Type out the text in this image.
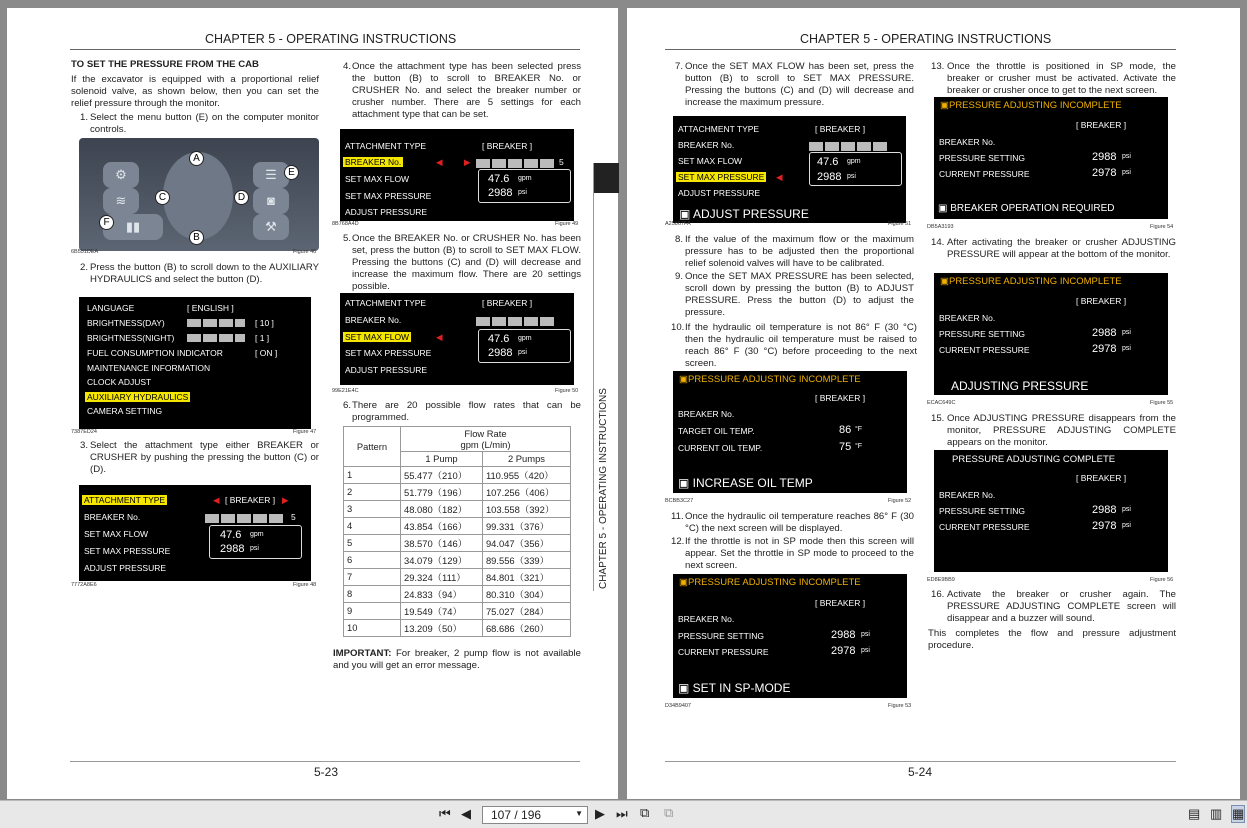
CHAPTER 5 - OPERATING INSTRUCTIONS
TO SET THE PRESSURE FROM THE CAB
If the excavator is equipped with a proportional relief solenoid valve, as shown below, then you can set the relief pressure through the monitor.
1. Select the menu button (E) on the computer monitor controls.
⚙
≋
▮▮
☰
◙
⚒
A
B
C	D
E
F
6B551DEA	Figure 46
2. Press the button (B) to scroll down to the AUXILIARY HYDRAULICS and select the button (D).
LANGUAGE	[ ENGLISH ]
BRIGHTNESS(DAY)	[ 10 ]
BRIGHTNESS(NIGHT)	[ 1 ]
FUEL CONSUMPTION INDICATOR	[ ON ]
MAINTENANCE INFORMATION
CLOCK ADJUST
AUXILIARY HYDRAULICS
CAMERA SETTING
7387ED24	Figure 47
3. Select the attachment type either BREAKER or CRUSHER by pushing the pressing the button (C) or (D).
ATTACHMENT TYPE	◀ [ BREAKER ] ▶
BREAKER No.	5
SET MAX FLOW
SET MAX PRESSURE
ADJUST PRESSURE
47.6 gpm
2988 psi
7772A8E6	Figure 48
4. Once the attachment type has been selected press the button (B) to scroll to BREAKER No. or CRUSHER No. and select the breaker number or crusher number. There are 5 settings for each attachment type that can be set.
ATTACHMENT TYPE	[ BREAKER ]
BREAKER No.	◀	▶	5
SET MAX FLOW
SET MAX PRESSURE
ADJUST PRESSURE
47.6 gpm
2988 psi
8B768A4D	Figure 49
5. Once the BREAKER No. or CRUSHER No. has been set, press the button (B) to scroll to SET MAX FLOW. Pressing the buttons (C) and (D) will decrease and increase the maximum flow. There are 20 settings possible.
ATTACHMENT TYPE	[ BREAKER ]
BREAKER No.
SET MAX FLOW	◀
SET MAX PRESSURE
ADJUST PRESSURE
47.6 gpm
2988 psi
99E21E4C	Figure 50
6. There are 20 possible flow rates that can be programmed.
Pattern	Flow Rate
gpm (L/min)	
	1 Pump	2 Pumps
1	55.477（210）	110.955（420）
2	51.779（196）	107.256（406）
3	48.080（182）	103.558（392）
4	43.854（166）	99.331（376）
5	38.570（146）	94.047（356）
6	34.079（129）	89.556（339）
7	29.324（111）	84.801（321）
8	24.833（94）	80.310（304）
9	19.549（74）	75.027（284）
10	13.209（50）	68.686（260）
IMPORTANT: For breaker, 2 pump flow is not available and you will get an error message.
5-23
CHAPTER 5 - OPERATING INSTRUCTIONS
CHAPTER 5 - OPERATING INSTRUCTIONS
7. Once the SET MAX FLOW has been set, press the button (B) to scroll to SET MAX PRESSURE. Pressing the buttons (C) and (D) will decrease and increase the maximum pressure.
ATTACHMENT TYPE	[ BREAKER ]
BREAKER No.
SET MAX FLOW
SET MAX PRESSURE ◀
ADJUST PRESSURE
47.6 gpm
2988 psi
▣ ADJUST PRESSURE
A25867FA	Figure 51
8. If the value of the maximum flow or the maximum pressure has to be adjusted then the proportional relief solenoid valves will have to be calibrated.
9. Once the SET MAX PRESSURE has been selected, scroll down by pressing the button (B) to ADJUST PRESSURE. Press the button (D) to adjust the pressure.
10. If the hydraulic oil temperature is not 86° F (30 °C) then the hydraulic oil temperature must be raised to reach 86° F (30 °C) before proceeding to the next screen.
▣PRESSURE ADJUSTING INCOMPLETE
[ BREAKER ]
BREAKER No.
TARGET OIL TEMP.	86 °F
CURRENT OIL TEMP.	75 °F
▣ INCREASE OIL TEMP
BCBB3C27	Figure 52
11. Once the hydraulic oil temperature reaches 86° F (30 °C) the next screen will be displayed.
12. If the throttle is not in SP mode then this screen will appear. Set the throttle in SP mode to proceed to the next screen.
▣PRESSURE ADJUSTING INCOMPLETE
[ BREAKER ]
BREAKER No.
PRESSURE SETTING	2988 psi
CURRENT PRESSURE	2978 psi
▣ SET IN SP-MODE
D34B9407	Figure 53
13. Once the throttle is positioned in SP mode, the breaker or crusher must be activated. Activate the breaker or crusher once to get to the next screen.
▣PRESSURE ADJUSTING INCOMPLETE
[ BREAKER ]
BREAKER No.
PRESSURE SETTING	2988 psi
CURRENT PRESSURE	2978 psi
▣ BREAKER OPERATION REQUIRED
DB5A3193	Figure 54
14. After activating the breaker or crusher ADJUSTING PRESSURE will appear at the bottom of the monitor.
▣PRESSURE ADJUSTING INCOMPLETE
[ BREAKER ]
BREAKER No.
PRESSURE SETTING	2988 psi
CURRENT PRESSURE	2978 psi
ADJUSTING PRESSURE
ECAC649C	Figure 55
15. Once ADJUSTING PRESSURE disappears from the monitor, PRESSURE ADJUSTING COMPLETE appears on the monitor.
PRESSURE ADJUSTING COMPLETE
[ BREAKER ]
BREAKER No.
PRESSURE SETTING	2988 psi
CURRENT PRESSURE	2978 psi
ED8E9BB9	Figure 56
16. Activate the breaker or crusher again. The PRESSURE ADJUSTING COMPLETE screen will disappear and a buzzer will sound.
This completes the flow and pressure adjustment procedure.
5-24
⏮ ◀	107 / 196	▼ ▶ ⏭ ⧉ ⧉	▤ ▥ ▦
